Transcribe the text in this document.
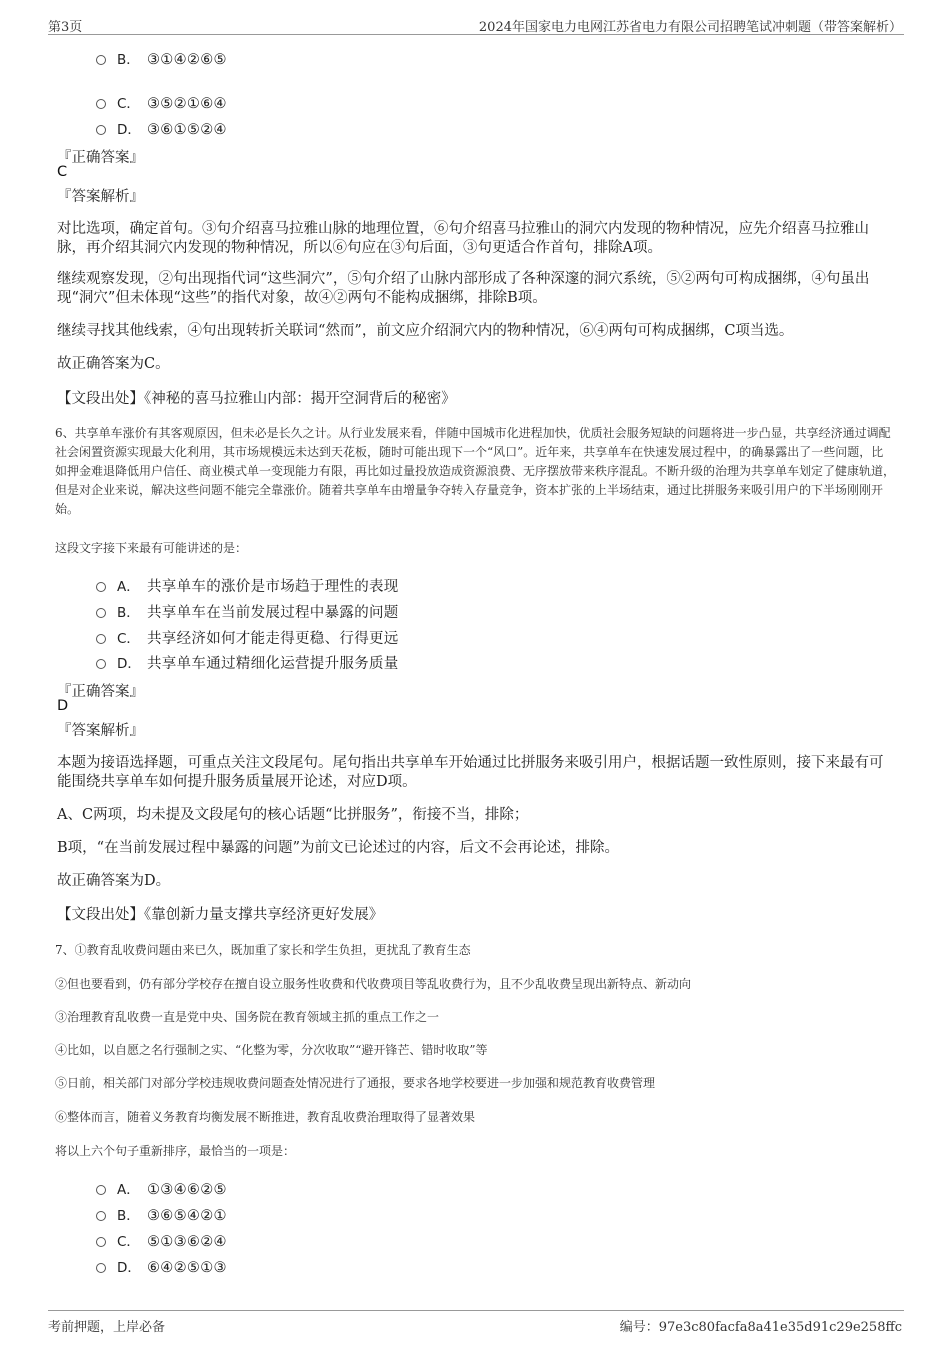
第3页	2024年国家电力电网江苏省电力有限公司招聘笔试冲刺题（带答案解析）
B． ③①④②⑥⑤
C． ③⑤②①⑥④
D． ③⑥①⑤②④
『正确答案』
C
『答案解析』

对比选项，确定首句。③句介绍喜马拉雅山脉的地理位置，⑥句介绍喜马拉雅山的洞穴内发现的物种情况，应先介绍喜马拉雅山脉，再介绍其洞穴内发现的物种情况，所以⑥句应在③句后面，③句更适合作首句，排除A项。

继续观察发现，②句出现指代词“这些洞穴”，⑤句介绍了山脉内部形成了各种深邃的洞穴系统，⑤②两句可构成捆绑，④句虽出现“洞穴”但未体现“这些”的指代对象，故④②两句不能构成捆绑，排除B项。

继续寻找其他线索，④句出现转折关联词“然而”，前文应介绍洞穴内的物种情况，⑥④两句可构成捆绑，C项当选。

故正确答案为C。

【文段出处】《神秘的喜马拉雅山内部：揭开空洞背后的秘密》

6、共享单车涨价有其客观原因，但未必是长久之计。从行业发展来看，伴随中国城市化进程加快，优质社会服务短缺的问题将进一步凸显，共享经济通过调配社会闲置资源实现最大化利用，其市场规模远未达到天花板，随时可能出现下一个“风口”。近年来，共享单车在快速发展过程中，的确暴露出了一些问题，比如押金难退降低用户信任、商业模式单一变现能力有限，再比如过量投放造成资源浪费、无序摆放带来秩序混乱。不断升级的治理为共享单车划定了健康轨道，但是对企业来说，解决这些问题不能完全靠涨价。随着共享单车由增量争夺转入存量竞争，资本扩张的上半场结束，通过比拼服务来吸引用户的下半场刚刚开始。

这段文字接下来最有可能讲述的是：

A． 共享单车的涨价是市场趋于理性的表现
B． 共享单车在当前发展过程中暴露的问题
C． 共享经济如何才能走得更稳、行得更远
D． 共享单车通过精细化运营提升服务质量
『正确答案』
D
『答案解析』

本题为接语选择题，可重点关注文段尾句。尾句指出共享单车开始通过比拼服务来吸引用户，根据话题一致性原则，接下来最有可能围绕共享单车如何提升服务质量展开论述，对应D项。

A、C两项，均未提及文段尾句的核心话题“比拼服务”，衔接不当，排除；

B项，“在当前发展过程中暴露的问题”为前文已论述过的内容，后文不会再论述，排除。

故正确答案为D。

【文段出处】《靠创新力量支撑共享经济更好发展》

7、①教育乱收费问题由来已久，既加重了家长和学生负担，更扰乱了教育生态

②但也要看到，仍有部分学校存在擅自设立服务性收费和代收费项目等乱收费行为，且不少乱收费呈现出新特点、新动向

③治理教育乱收费一直是党中央、国务院在教育领域主抓的重点工作之一

④比如，以自愿之名行强制之实、“化整为零，分次收取”“避开锋芒、错时收取”等

⑤日前，相关部门对部分学校违规收费问题查处情况进行了通报，要求各地学校要进一步加强和规范教育收费管理

⑥整体而言，随着义务教育均衡发展不断推进，教育乱收费治理取得了显著效果

将以上六个句子重新排序，最恰当的一项是：

A． ①③④⑥②⑤
B． ③⑥⑤④②①
C． ⑤①③⑥②④
D． ⑥④②⑤①③
考前押题，上岸必备	编号：97e3c80facfa8a41e35d91c29e258ffc
